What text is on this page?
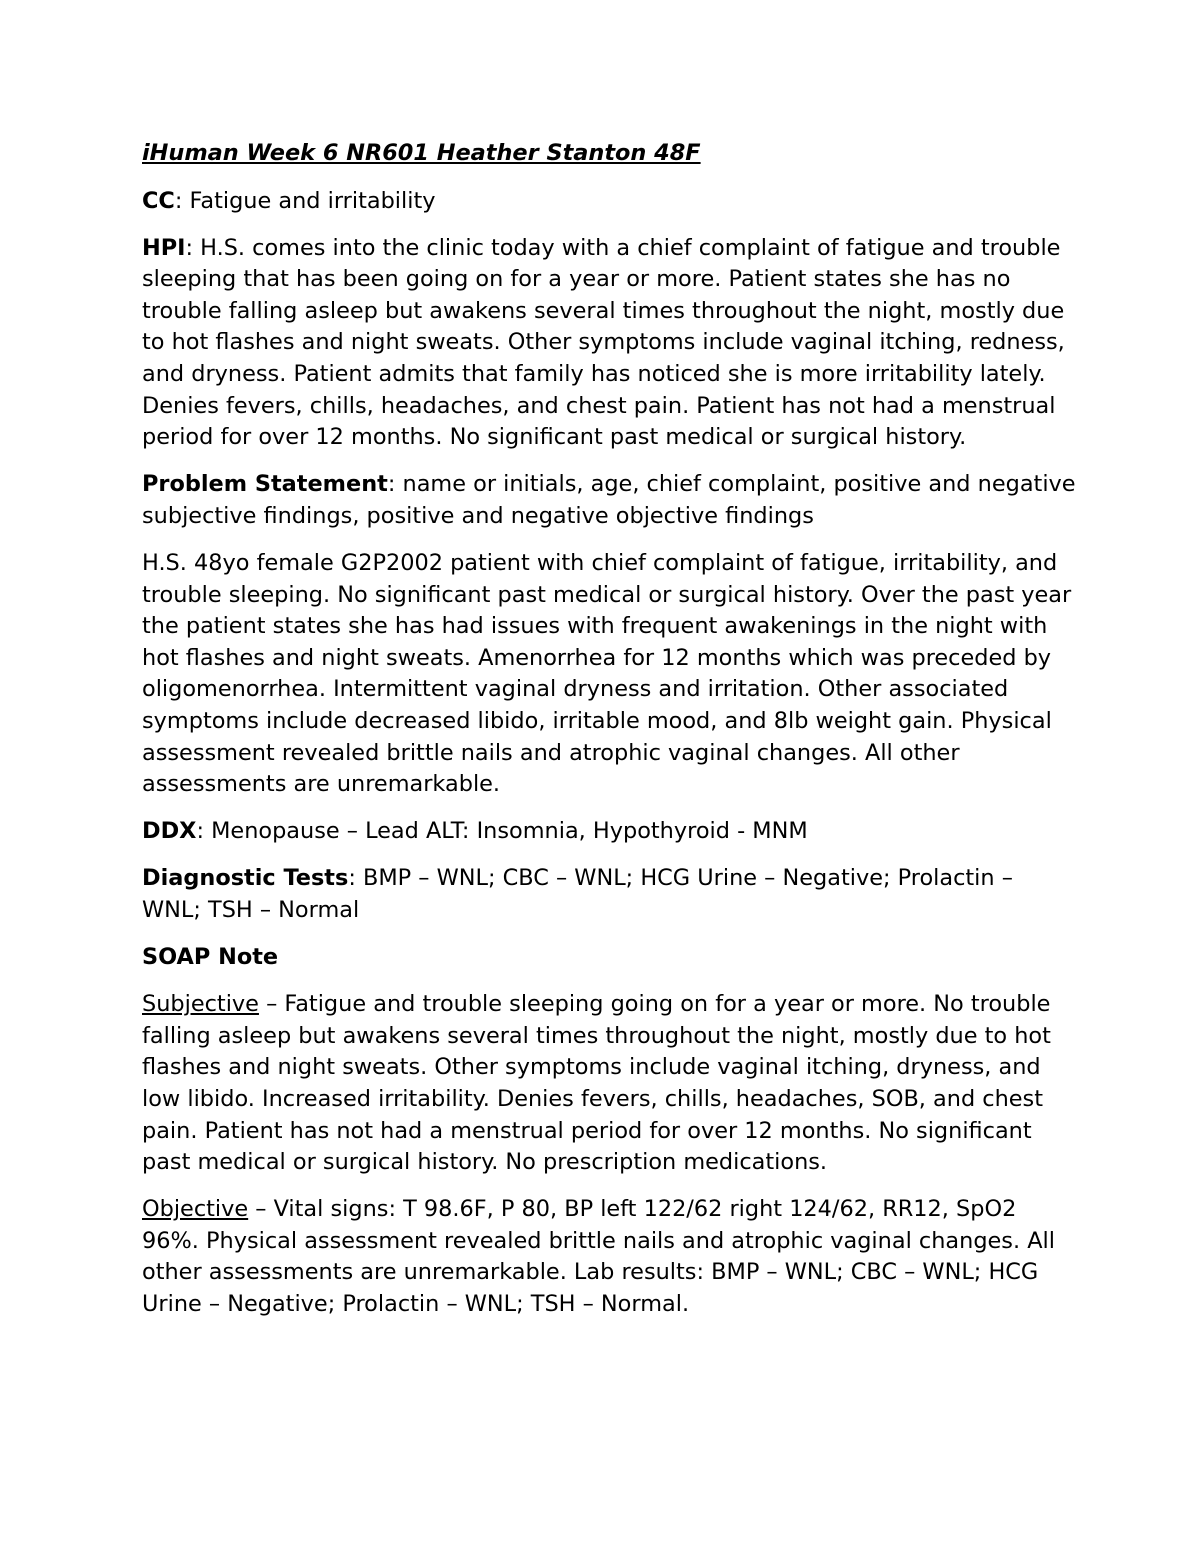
iHuman Week 6 NR601 Heather Stanton 48F

CC: Fatigue and irritability

HPI: H.S. comes into the clinic today with a chief complaint of fatigue and trouble sleeping that has been going on for a year or more. Patient states she has no trouble falling asleep but awakens several times throughout the night, mostly due to hot flashes and night sweats. Other symptoms include vaginal itching, redness, and dryness. Patient admits that family has noticed she is more irritability lately. Denies fevers, chills, headaches, and chest pain. Patient has not had a menstrual period for over 12 months. No significant past medical or surgical history.

Problem Statement: name or initials, age, chief complaint, positive and negative subjective findings, positive and negative objective findings

H.S. 48yo female G2P2002 patient with chief complaint of fatigue, irritability, and trouble sleeping. No significant past medical or surgical history. Over the past year the patient states she has had issues with frequent awakenings in the night with hot flashes and night sweats. Amenorrhea for 12 months which was preceded by oligomenorrhea. Intermittent vaginal dryness and irritation. Other associated symptoms include decreased libido, irritable mood, and 8lb weight gain. Physical assessment revealed brittle nails and atrophic vaginal changes. All other assessments are unremarkable.

DDX: Menopause – Lead ALT: Insomnia, Hypothyroid - MNM

Diagnostic Tests: BMP – WNL; CBC – WNL; HCG Urine – Negative; Prolactin – WNL; TSH – Normal

SOAP Note

Subjective – Fatigue and trouble sleeping going on for a year or more. No trouble falling asleep but awakens several times throughout the night, mostly due to hot flashes and night sweats. Other symptoms include vaginal itching, dryness, and low libido. Increased irritability. Denies fevers, chills, headaches, SOB, and chest pain. Patient has not had a menstrual period for over 12 months. No significant past medical or surgical history. No prescription medications.

Objective – Vital signs: T 98.6F, P 80, BP left 122/62 right 124/62, RR12, SpO2 96%. Physical assessment revealed brittle nails and atrophic vaginal changes. All other assessments are unremarkable. Lab results: BMP – WNL; CBC – WNL; HCG Urine – Negative; Prolactin – WNL; TSH – Normal.
